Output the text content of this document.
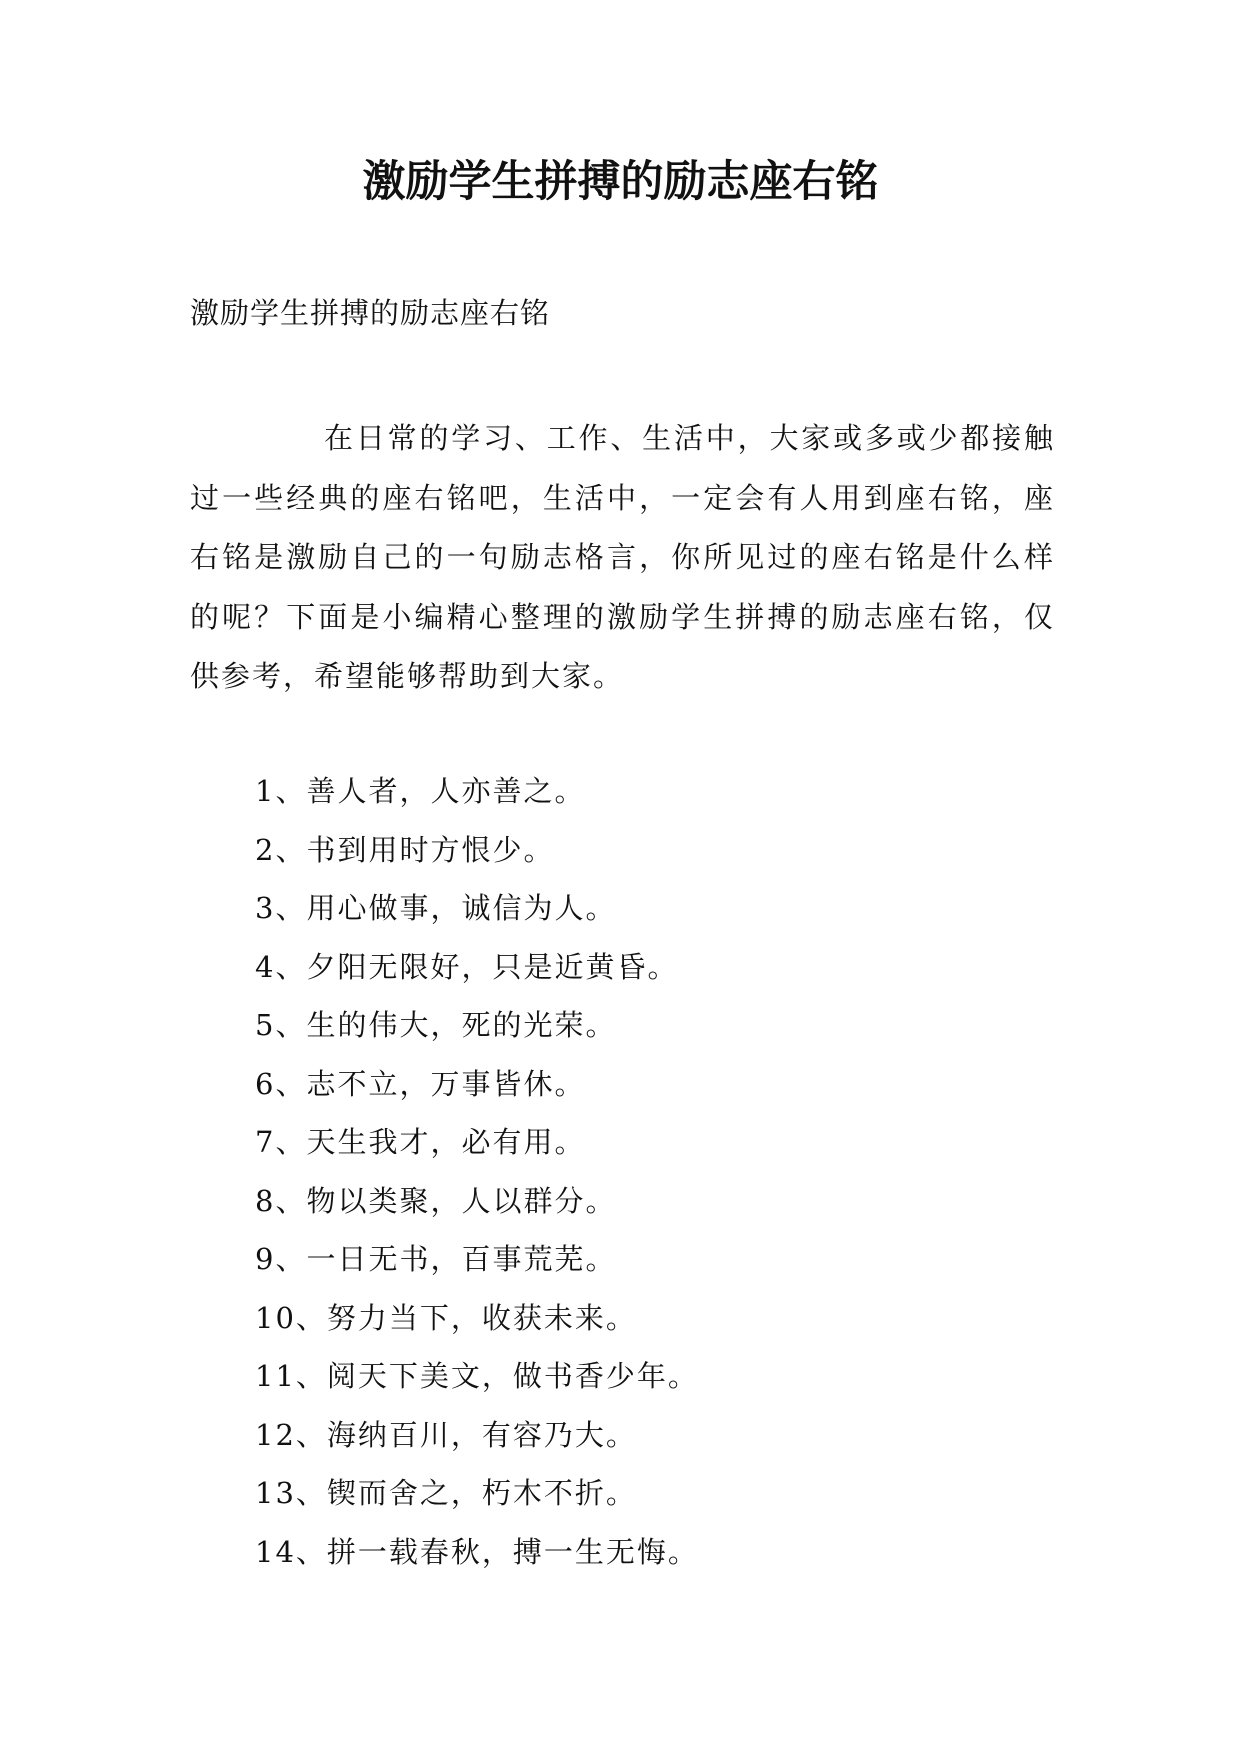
激励学生拼搏的励志座右铭

激励学生拼搏的励志座右铭

在日常的学习、工作、生活中，大家或多或少都接触过一些经典的座右铭吧，生活中，一定会有人用到座右铭，座右铭是激励自己的一句励志格言，你所见过的座右铭是什么样的呢？下面是小编精心整理的激励学生拼搏的励志座右铭，仅供参考，希望能够帮助到大家。

1、善人者，人亦善之。
2、书到用时方恨少。
3、用心做事，诚信为人。
4、夕阳无限好，只是近黄昏。
5、生的伟大，死的光荣。
6、志不立，万事皆休。
7、天生我才，必有用。
8、物以类聚，人以群分。
9、一日无书，百事荒芜。
10、努力当下，收获未来。
11、阅天下美文，做书香少年。
12、海纳百川，有容乃大。
13、锲而舍之，朽木不折。
14、拼一载春秋，搏一生无悔。
